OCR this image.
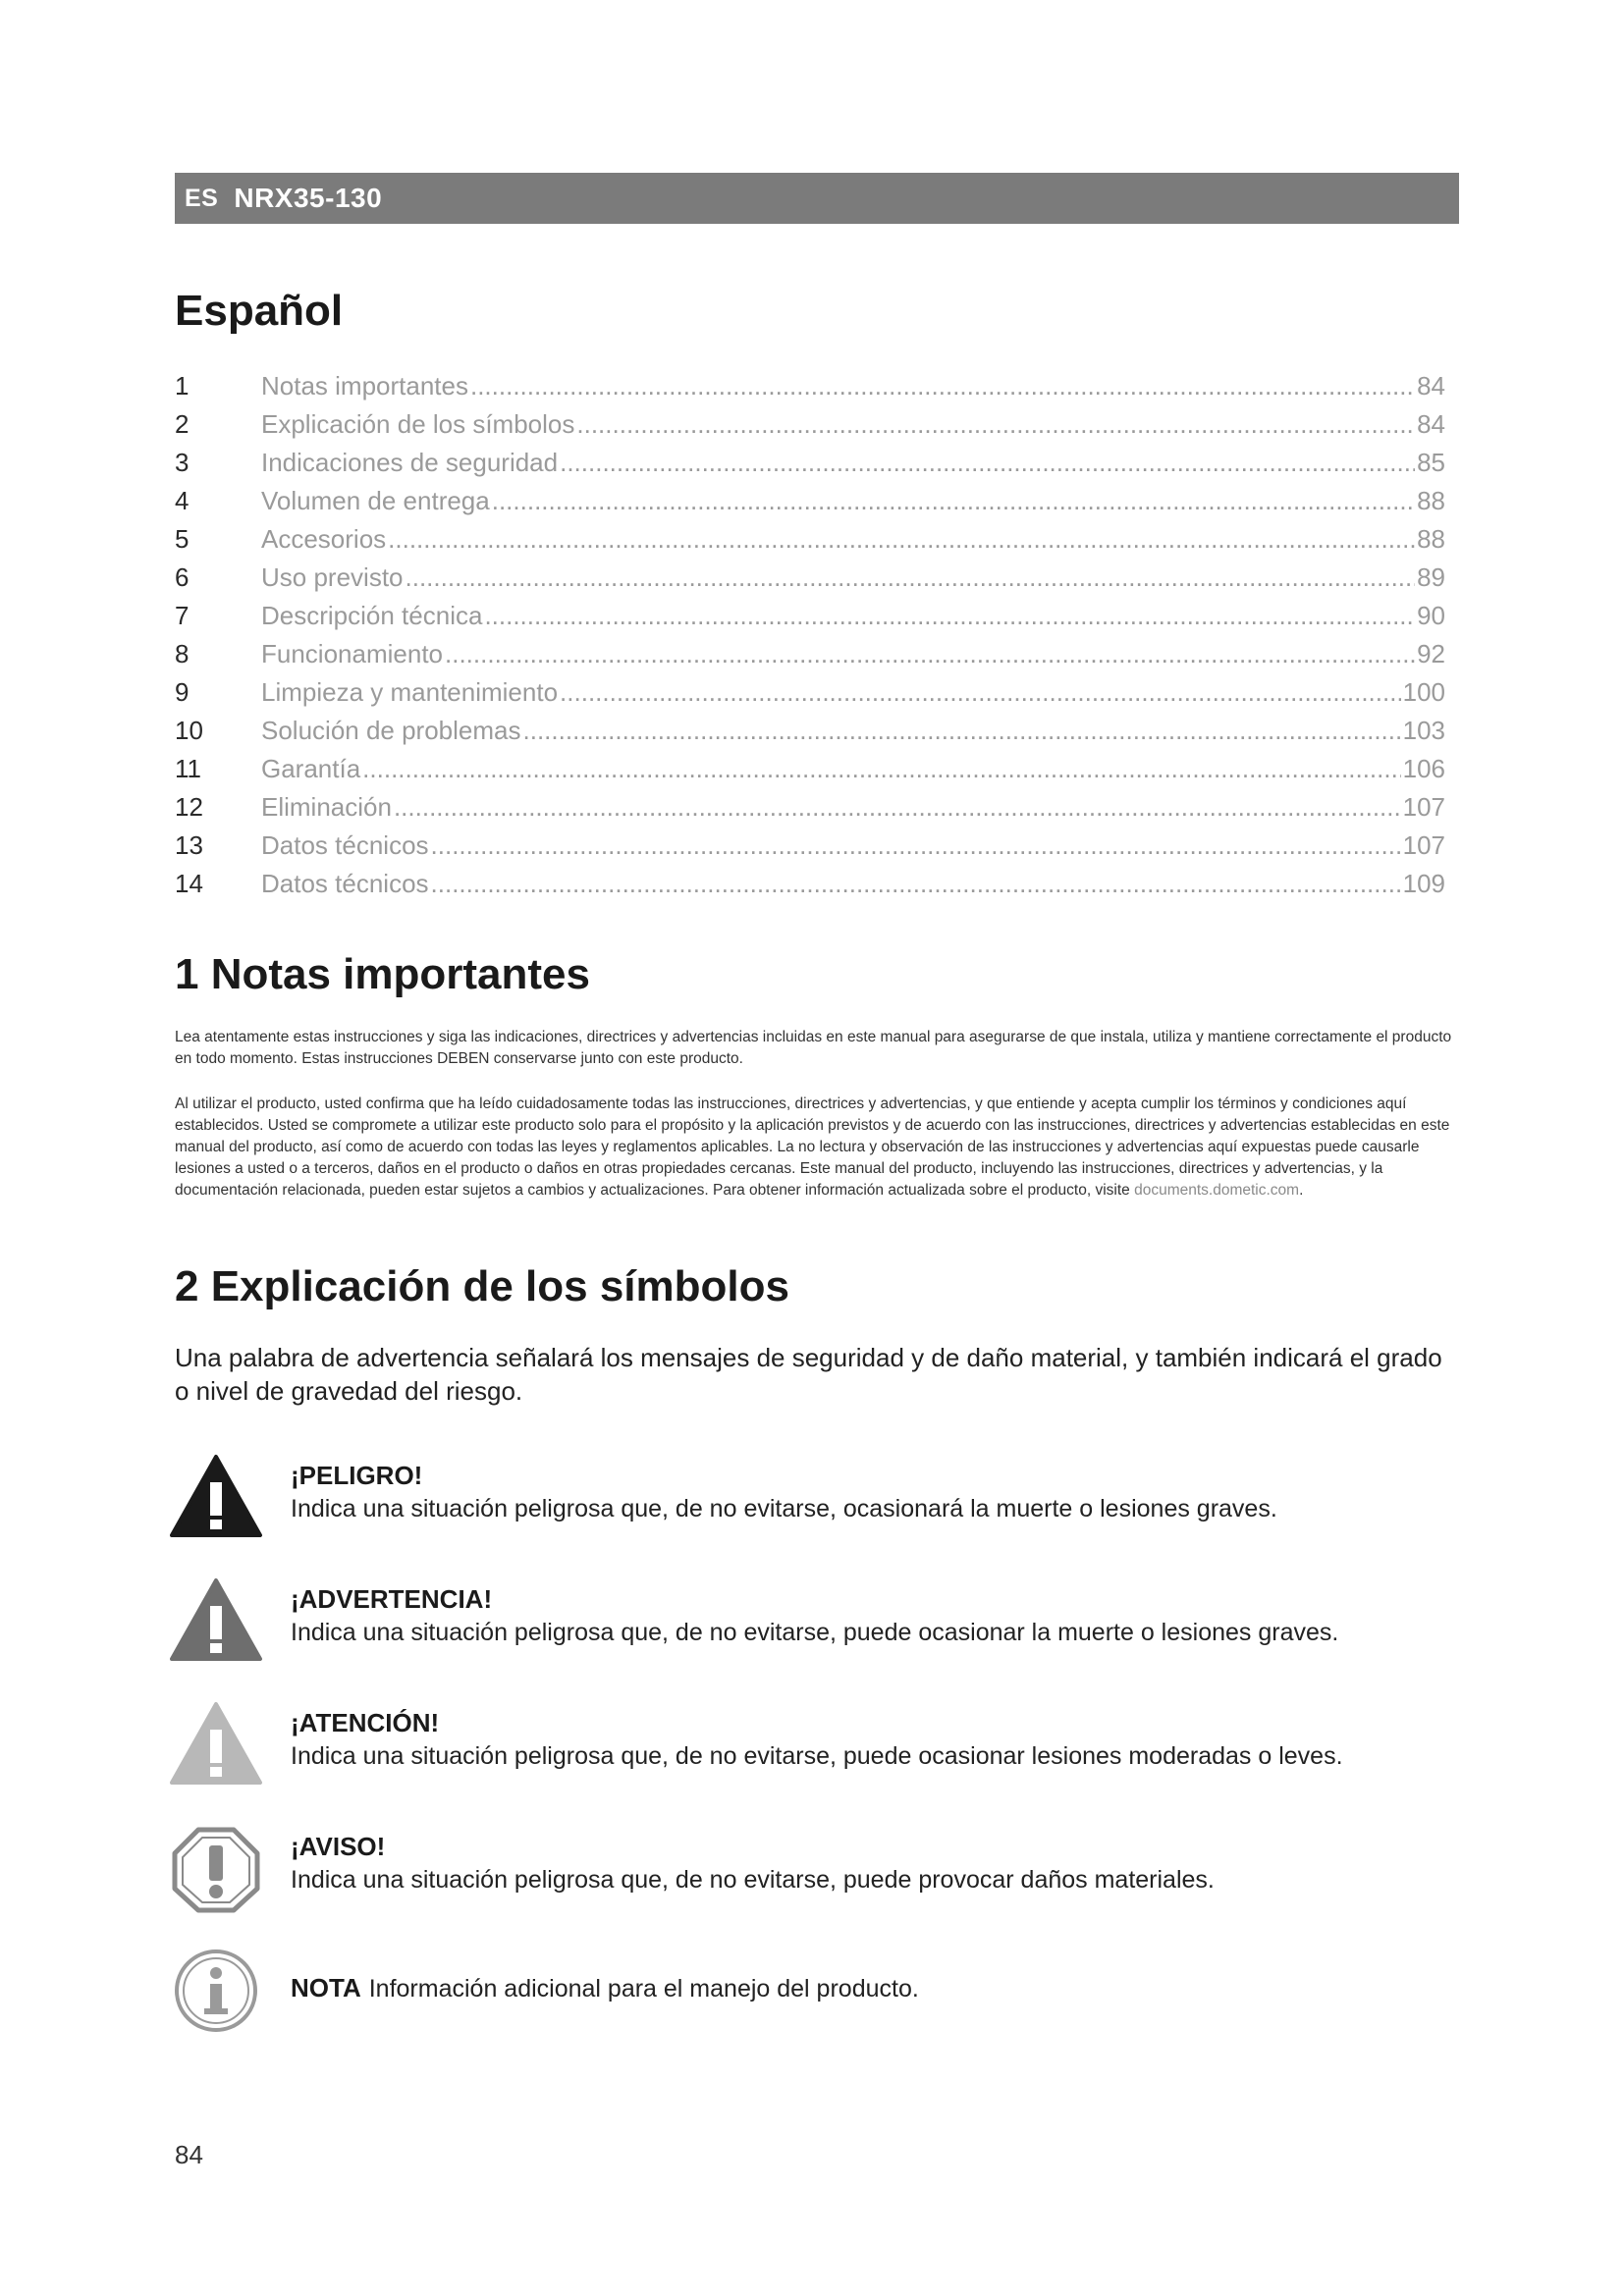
ES NRX35-130
Español
1	Notas importantes .....	84
2	Explicación de los símbolos .....	84
3	Indicaciones de seguridad .....	85
4	Volumen de entrega .....	88
5	Accesorios .....	88
6	Uso previsto .....	89
7	Descripción técnica .....	90
8	Funcionamiento .....	92
9	Limpieza y mantenimiento .....	100
10	Solución de problemas .....	103
11	Garantía .....	106
12	Eliminación .....	107
13	Datos técnicos .....	107
14	Datos técnicos .....	109
1 Notas importantes

Lea atentamente estas instrucciones y siga las indicaciones, directrices y advertencias incluidas en este manual para asegurarse de que instala, utiliza y mantiene correctamente el producto en todo momento. Estas instrucciones DEBEN conservarse junto con este producto.

Al utilizar el producto, usted confirma que ha leído cuidadosamente todas las instrucciones, directrices y advertencias, y que entiende y acepta cumplir los términos y condiciones aquí establecidos. Usted se compromete a utilizar este producto solo para el propósito y la aplicación previstos y de acuerdo con las instrucciones, directrices y advertencias establecidas en este manual del producto, así como de acuerdo con todas las leyes y reglamentos aplicables. La no lectura y observación de las instrucciones y advertencias aquí expuestas puede causarle lesiones a usted o a terceros, daños en el producto o daños en otras propiedades cercanas. Este manual del producto, incluyendo las instrucciones, directrices y advertencias, y la documentación relacionada, pueden estar sujetos a cambios y actualizaciones. Para obtener información actualizada sobre el producto, visite documents.dometic.com.

2 Explicación de los símbolos

Una palabra de advertencia señalará los mensajes de seguridad y de daño material, y también indicará el grado o nivel de gravedad del riesgo.

¡PELIGRO!
Indica una situación peligrosa que, de no evitarse, ocasionará la muerte o lesiones graves.
¡ADVERTENCIA!
Indica una situación peligrosa que, de no evitarse, puede ocasionar la muerte o lesiones graves.
¡ATENCIÓN!
Indica una situación peligrosa que, de no evitarse, puede ocasionar lesiones moderadas o leves.
¡AVISO!
Indica una situación peligrosa que, de no evitarse, puede provocar daños materiales.
NOTA Información adicional para el manejo del producto.
84
